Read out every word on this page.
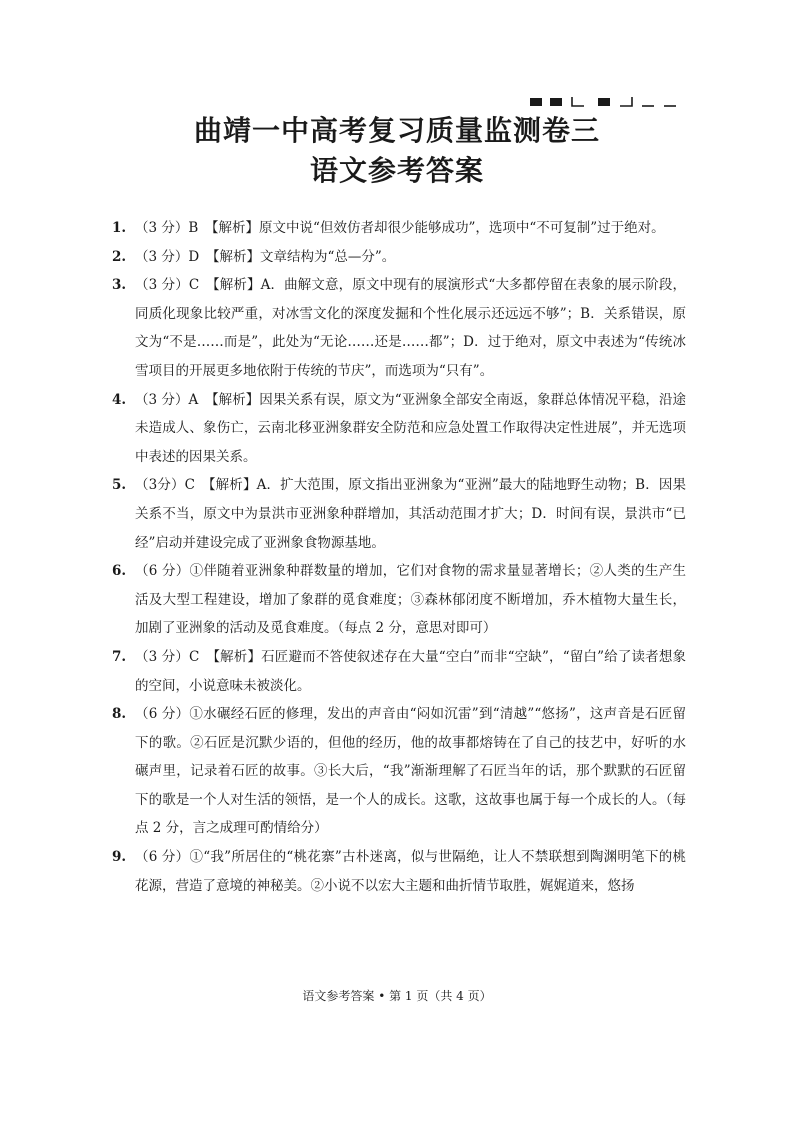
曲靖一中高考复习质量监测卷三
语文参考答案
1. （3 分）B　【解析】原文中说“但效仿者却很少能够成功”，选项中“不可复制”过于绝对。
2. （3 分）D　【解析】文章结构为“总—分”。
3. （3 分）C　【解析】A．曲解文意，原文中现有的展演形式“大多都停留在表象的展示阶段，同质化现象比较严重，对冰雪文化的深度发掘和个性化展示还远远不够”；B．关系错误，原文为“不是……而是”，此处为“无论……还是……都”；D．过于绝对，原文中表述为“传统冰雪项目的开展更多地依附于传统的节庆”，而选项为“只有”。
4. （3 分）A　【解析】因果关系有误，原文为“亚洲象全部安全南返，象群总体情况平稳，沿途未造成人、象伤亡，云南北移亚洲象群安全防范和应急处置工作取得决定性进展”，并无选项中表述的因果关系。
5. （3分）C　【解析】A．扩大范围，原文指出亚洲象为“亚洲”最大的陆地野生动物；B．因果关系不当，原文中为景洪市亚洲象种群增加，其活动范围才扩大；D．时间有误，景洪市“已经”启动并建设完成了亚洲象食物源基地。
6. （6 分）①伴随着亚洲象种群数量的增加，它们对食物的需求量显著增长；②人类的生产生活及大型工程建设，增加了象群的觅食难度；③森林郁闭度不断增加，乔木植物大量生长，加剧了亚洲象的活动及觅食难度。（每点 2 分，意思对即可）
7. （3 分）C　【解析】石匠避而不答使叙述存在大量“空白”而非“空缺”，“留白”给了读者想象的空间，小说意味未被淡化。
8. （6 分）①水碾经石匠的修理，发出的声音由“闷如沉雷”到“清越”“悠扬”，这声音是石匠留下的歌。②石匠是沉默少语的，但他的经历，他的故事都熔铸在了自己的技艺中，好听的水碾声里，记录着石匠的故事。③长大后，“我”渐渐理解了石匠当年的话，那个默默的石匠留下的歌是一个人对生活的领悟，是一个人的成长。这歌，这故事也属于每一个成长的人。（每点 2 分，言之成理可酌情给分）
9. （6 分）①“我”所居住的“桃花寨”古朴迷离，似与世隔绝，让人不禁联想到陶渊明笔下的桃花源，营造了意境的神秘美。②小说不以宏大主题和曲折情节取胜，娓娓道来，悠扬
语文参考答案 • 第 1 页（共 4 页）
